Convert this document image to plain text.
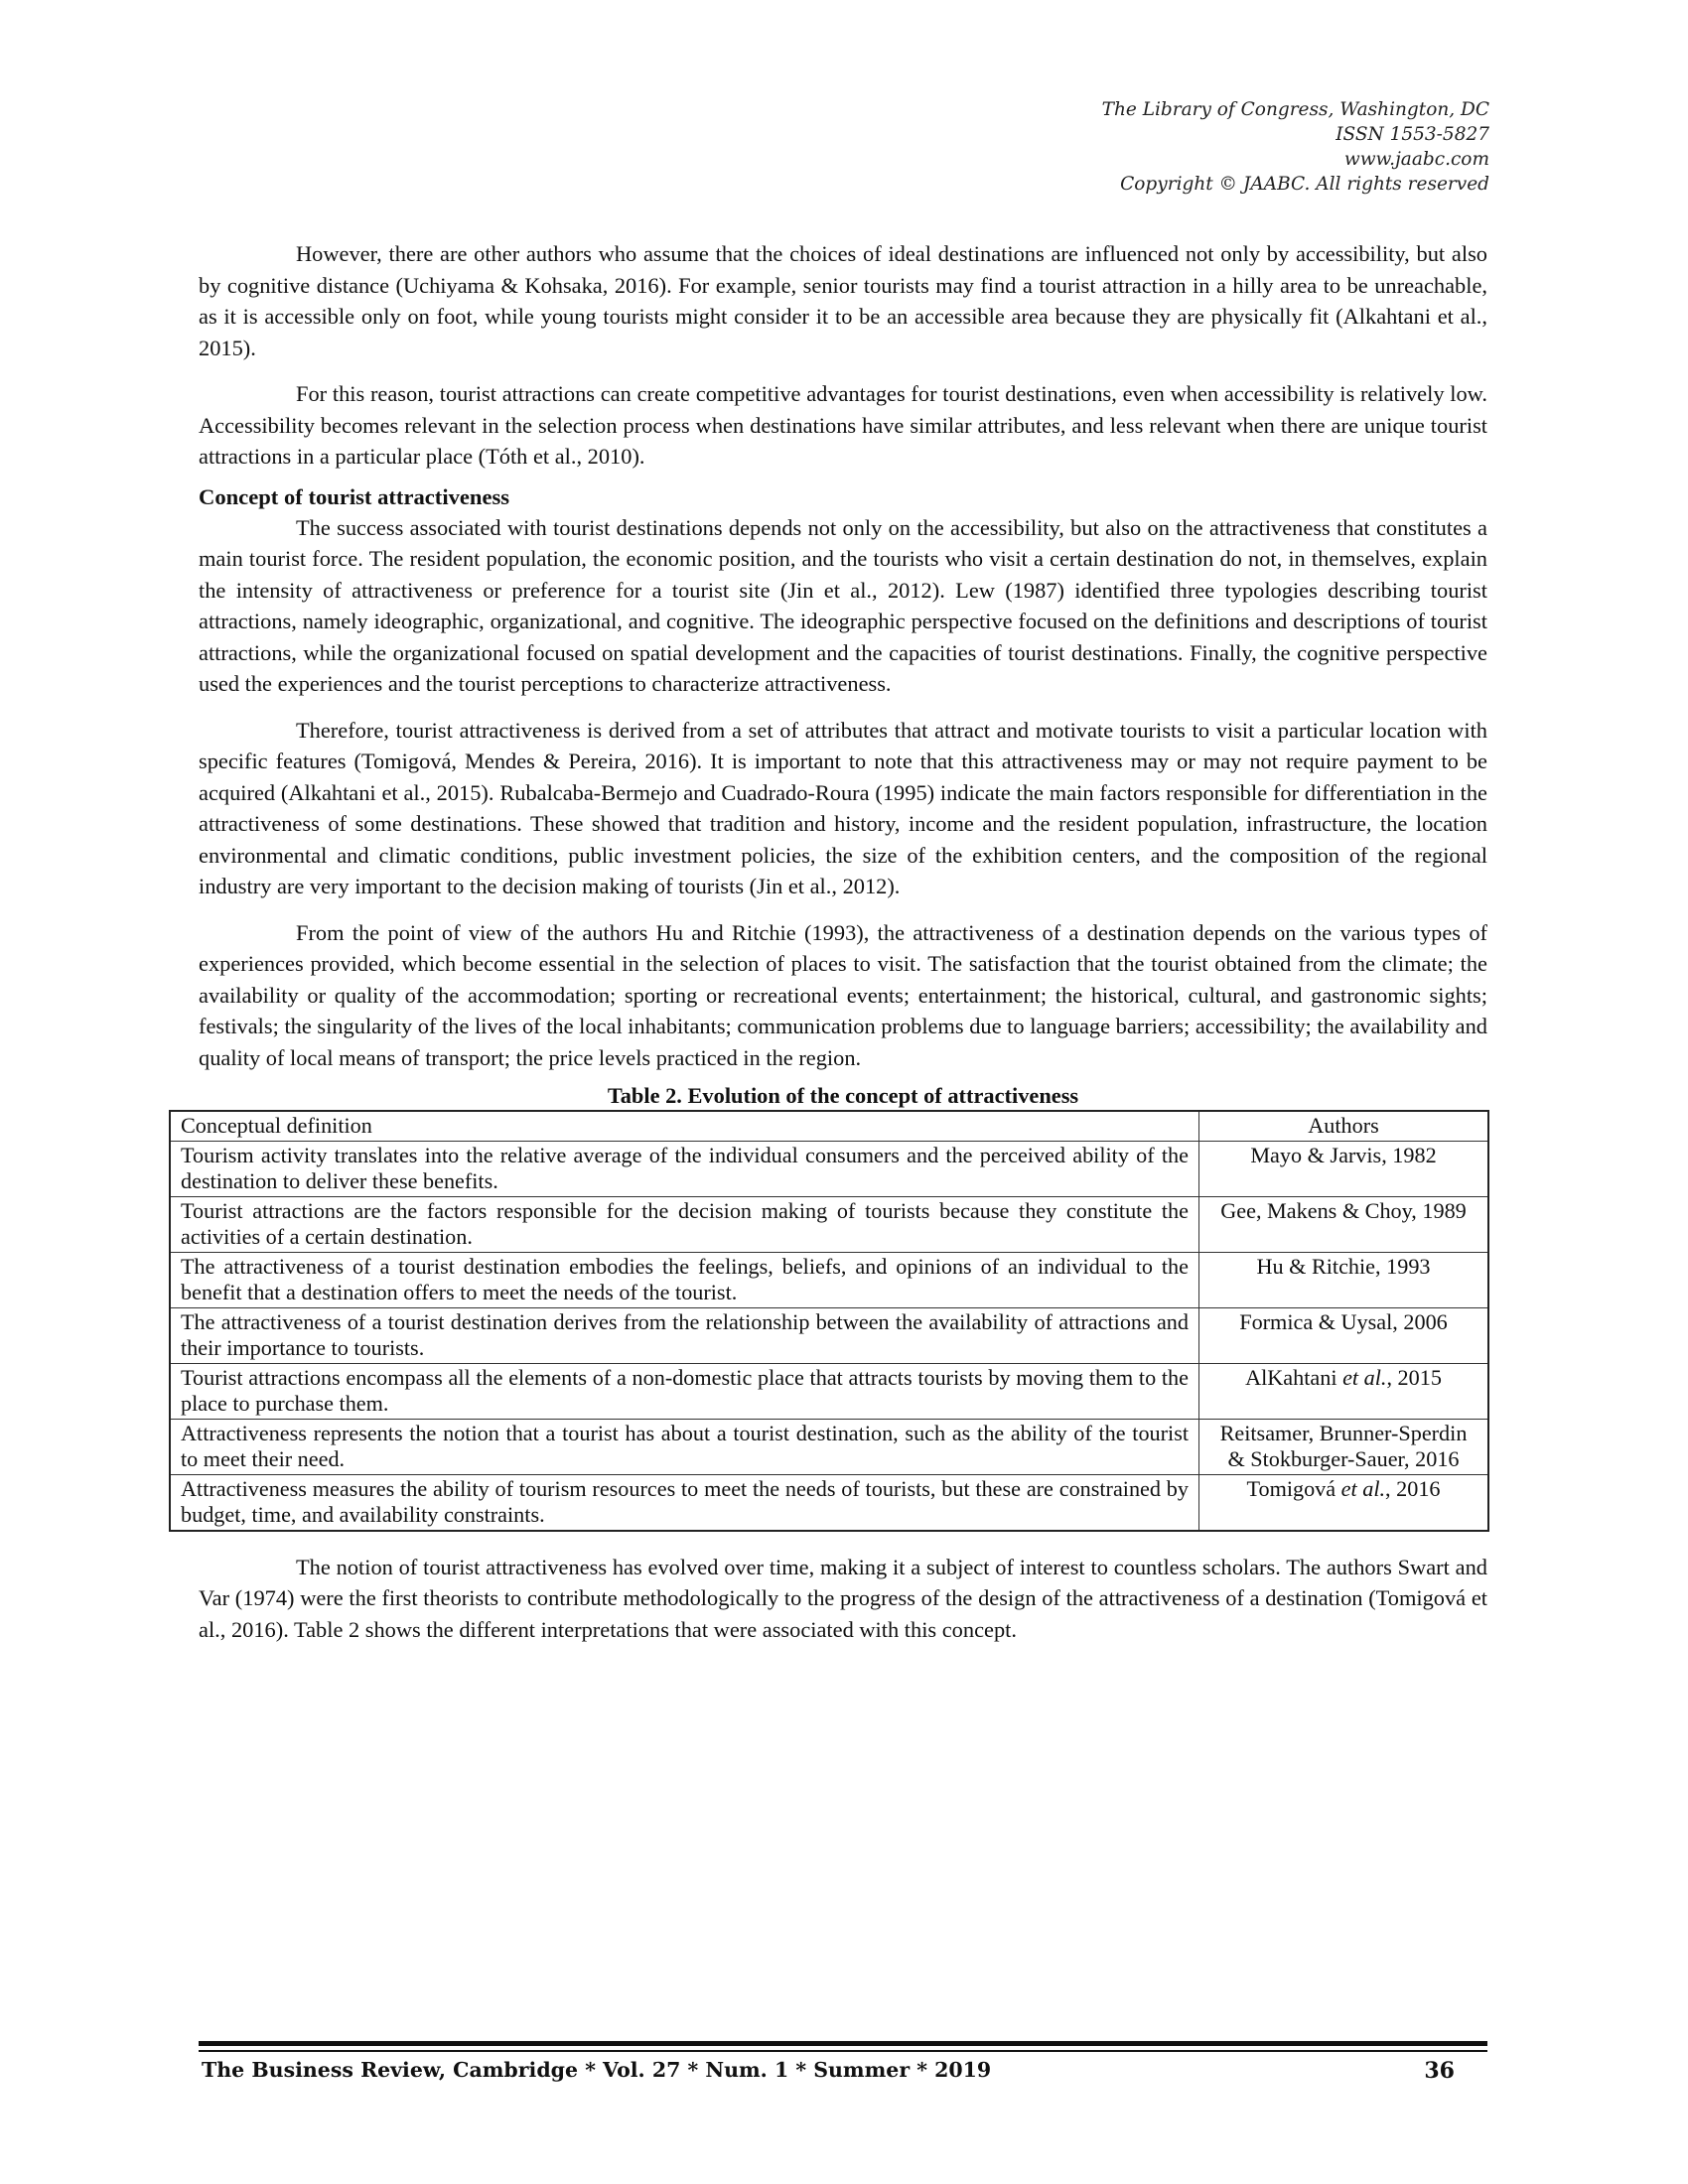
The Library of Congress, Washington, DC
ISSN 1553-5827
www.jaabc.com
Copyright © JAABC. All rights reserved

However, there are other authors who assume that the choices of ideal destinations are influenced not only by accessibility, but also by cognitive distance (Uchiyama & Kohsaka, 2016). For example, senior tourists may find a tourist attraction in a hilly area to be unreachable, as it is accessible only on foot, while young tourists might consider it to be an accessible area because they are physically fit (Alkahtani et al., 2015).

For this reason, tourist attractions can create competitive advantages for tourist destinations, even when accessibility is relatively low. Accessibility becomes relevant in the selection process when destinations have similar attributes, and less relevant when there are unique tourist attractions in a particular place (Tóth et al., 2010).

Concept of tourist attractiveness

The success associated with tourist destinations depends not only on the accessibility, but also on the attractiveness that constitutes a main tourist force. The resident population, the economic position, and the tourists who visit a certain destination do not, in themselves, explain the intensity of attractiveness or preference for a tourist site (Jin et al., 2012). Lew (1987) identified three typologies describing tourist attractions, namely ideographic, organizational, and cognitive. The ideographic perspective focused on the definitions and descriptions of tourist attractions, while the organizational focused on spatial development and the capacities of tourist destinations. Finally, the cognitive perspective used the experiences and the tourist perceptions to characterize attractiveness.

Therefore, tourist attractiveness is derived from a set of attributes that attract and motivate tourists to visit a particular location with specific features (Tomigová, Mendes & Pereira, 2016). It is important to note that this attractiveness may or may not require payment to be acquired (Alkahtani et al., 2015). Rubalcaba-Bermejo and Cuadrado-Roura (1995) indicate the main factors responsible for differentiation in the attractiveness of some destinations. These showed that tradition and history, income and the resident population, infrastructure, the location environmental and climatic conditions, public investment policies, the size of the exhibition centers, and the composition of the regional industry are very important to the decision making of tourists (Jin et al., 2012).

From the point of view of the authors Hu and Ritchie (1993), the attractiveness of a destination depends on the various types of experiences provided, which become essential in the selection of places to visit. The satisfaction that the tourist obtained from the climate; the availability or quality of the accommodation; sporting or recreational events; entertainment; the historical, cultural, and gastronomic sights; festivals; the singularity of the lives of the local inhabitants; communication problems due to language barriers; accessibility; the availability and quality of local means of transport; the price levels practiced in the region.

Table 2. Evolution of the concept of attractiveness
Conceptual definition	Authors
Tourism activity translates into the relative average of the individual consumers and the perceived ability of the destination to deliver these benefits.	Mayo & Jarvis, 1982
Tourist attractions are the factors responsible for the decision making of tourists because they constitute the activities of a certain destination.	Gee, Makens & Choy, 1989
The attractiveness of a tourist destination embodies the feelings, beliefs, and opinions of an individual to the benefit that a destination offers to meet the needs of the tourist.	Hu & Ritchie, 1993
The attractiveness of a tourist destination derives from the relationship between the availability of attractions and their importance to tourists.	Formica & Uysal, 2006
Tourist attractions encompass all the elements of a non-domestic place that attracts tourists by moving them to the place to purchase them.	AlKahtani et al., 2015
Attractiveness represents the notion that a tourist has about a tourist destination, such as the ability of the tourist to meet their need.	Reitsamer, Brunner-Sperdin & Stokburger-Sauer, 2016
Attractiveness measures the ability of tourism resources to meet the needs of tourists, but these are constrained by budget, time, and availability constraints.	Tomigová et al., 2016

The notion of tourist attractiveness has evolved over time, making it a subject of interest to countless scholars. The authors Swart and Var (1974) were the first theorists to contribute methodologically to the progress of the design of the attractiveness of a destination (Tomigová et al., 2016). Table 2 shows the different interpretations that were associated with this concept.

The Business Review, Cambridge * Vol. 27 * Num. 1 * Summer * 2019	36
